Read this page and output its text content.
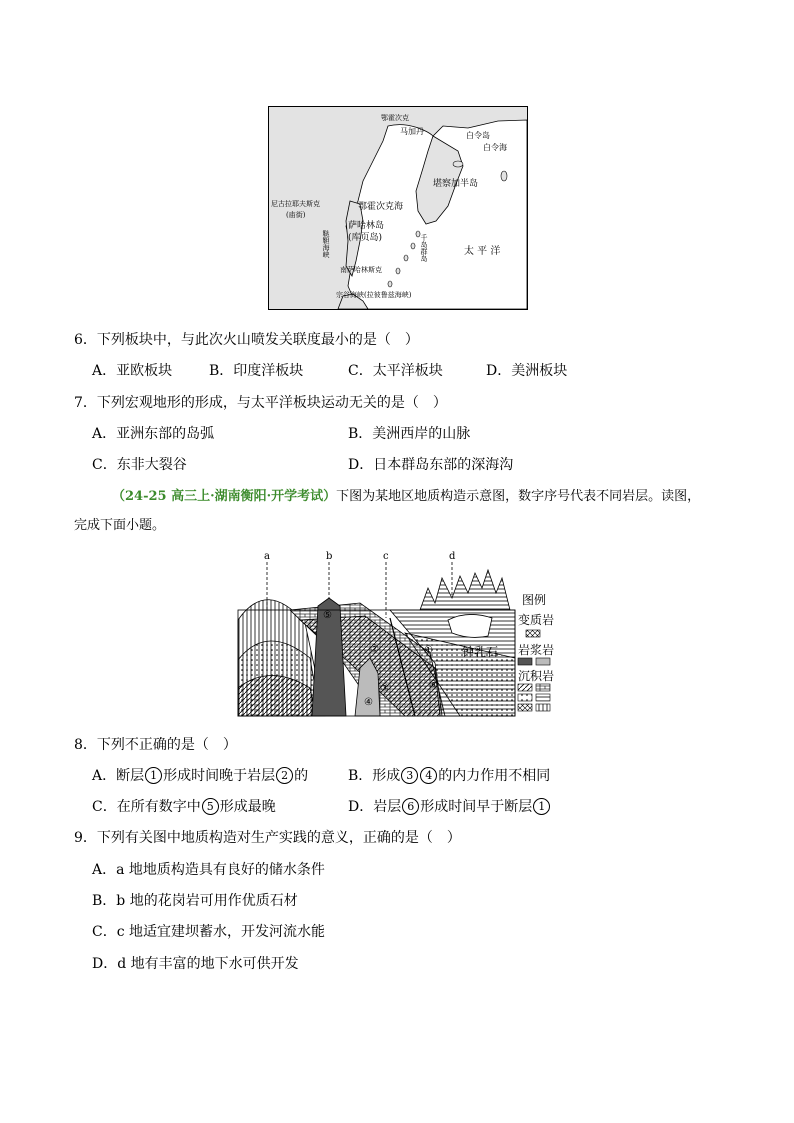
马加丹
鄂霍次克
白令岛
白令海
堪察加半岛
尼古拉耶夫斯克
(庙街)
鄂霍次克海
萨哈林岛
(库页岛)
太 平 洋
南萨哈林斯克
宗谷海峡(拉彼鲁兹海峡)
鞑靼海峡	千岛群岛
6．下列板块中，与此次火山喷发关联度最小的是（　）
A．亚欧板块	B．印度洋板块	C．太平洋板块	D．美洲板块
7．下列宏观地形的形成，与太平洋板块运动无关的是（　）
A．亚洲东部的岛弧	B．美洲西岸的山脉
C．东非大裂谷	D．日本群岛东部的深海沟
（24-25 高三上·湖南衡阳·开学考试）下图为某地区地质构造示意图，数字序号代表不同岩层。读图，
完成下面小题。
a	b	c	d
①
②
③
④
⑤
⑥
钟乳石
图例
变质岩
岩浆岩
沉积岩
8．下列不正确的是（　）
A．断层 1 形成时间晚于岩层 2 的	B．形成 3 4 的内力作用不相同
C．在所有数字中 5 形成最晚	D．岩层 6 形成时间早于断层 1
9．下列有关图中地质构造对生产实践的意义，正确的是（　）
A．a 地地质构造具有良好的储水条件
B．b 地的花岗岩可用作优质石材
C．c 地适宜建坝蓄水，开发河流水能
D．d 地有丰富的地下水可供开发
